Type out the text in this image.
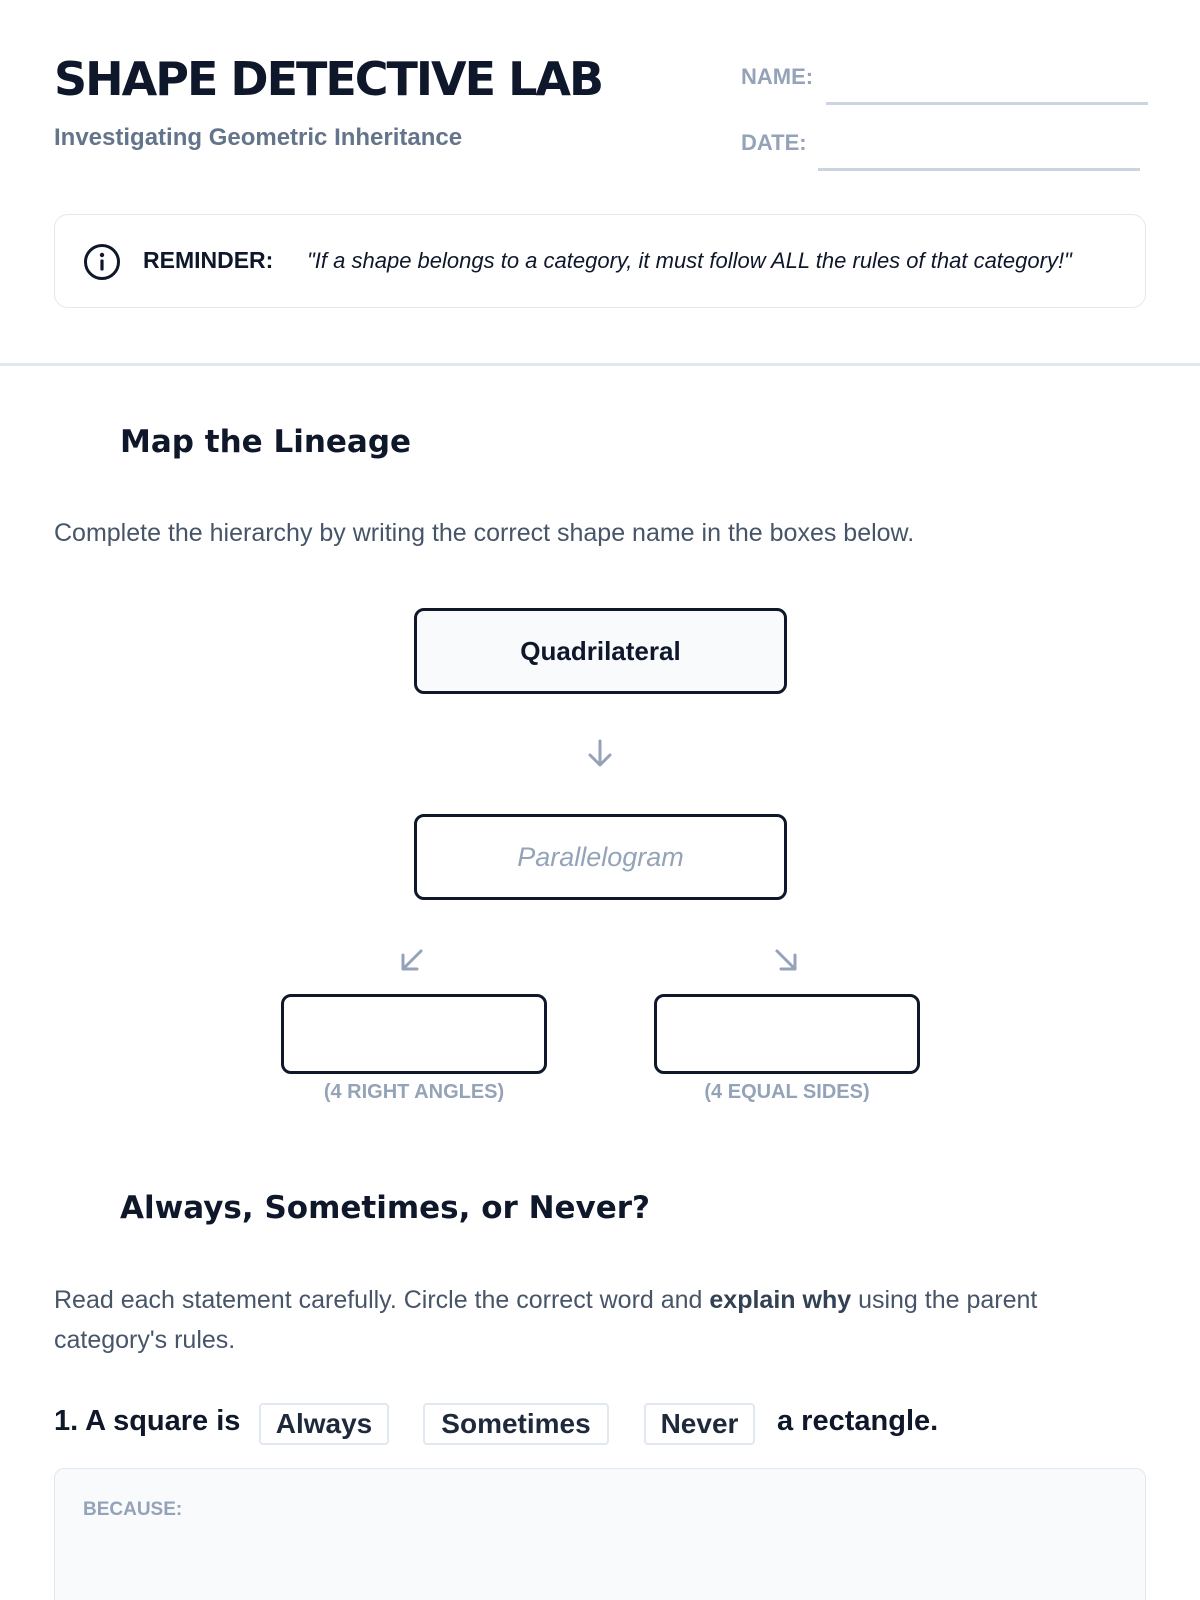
SHAPE DETECTIVE LAB
Investigating Geometric Inheritance
NAME:
DATE:
REMINDER: "If a shape belongs to a category, it must follow ALL the rules of that category!"
Map the Lineage
Complete the hierarchy by writing the correct shape name in the boxes below.
Quadrilateral
Parallelogram
(4 RIGHT ANGLES)	(4 EQUAL SIDES)
Always, Sometimes, or Never?
Read each statement carefully. Circle the correct word and explain why using the parent category's rules.
1. A square is	Always	Sometimes	Never	a rectangle.
BECAUSE:
